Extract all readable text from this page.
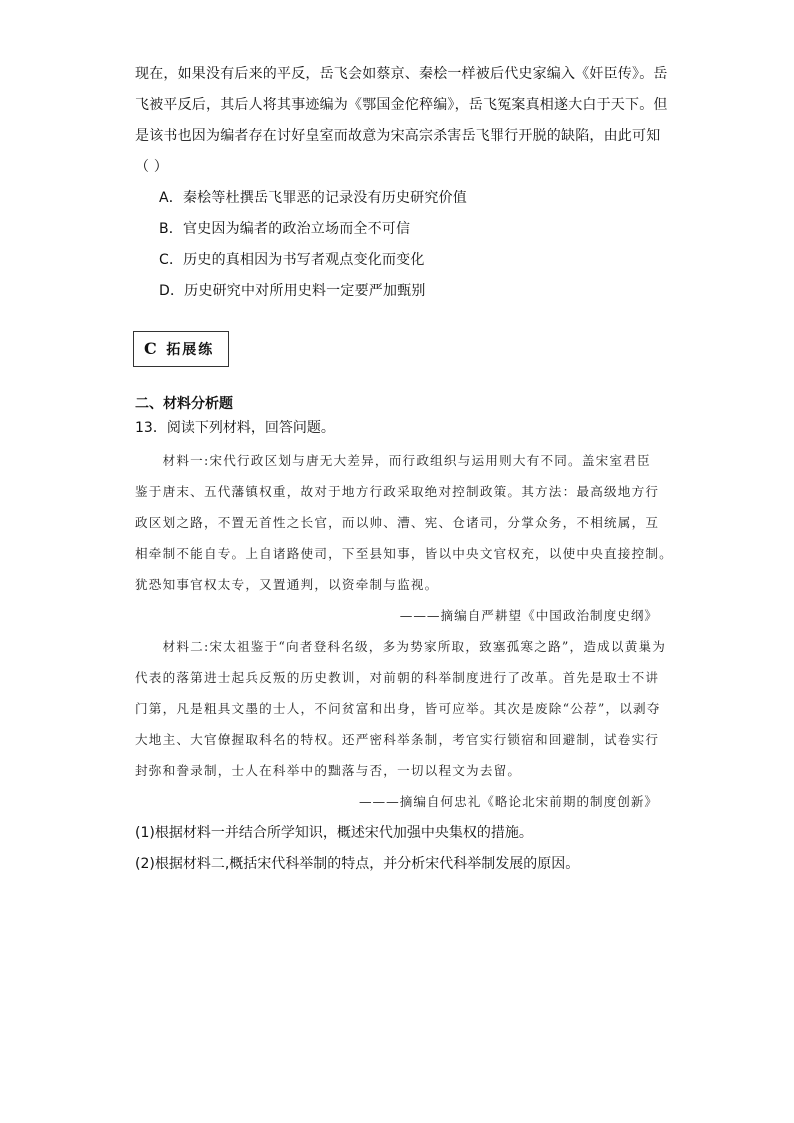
现在，如果没有后来的平反，岳飞会如蔡京、秦桧一样被后代史家编入《奸臣传》。岳
飞被平反后，其后人将其事迹编为《鄂国金佗稡编》，岳飞冤案真相遂大白于天下。但
是该书也因为编者存在讨好皇室而故意为宋高宗杀害岳飞罪行开脱的缺陷，由此可知
（ ）
A．秦桧等杜撰岳飞罪恶的记录没有历史研究价值
B．官史因为编者的政治立场而全不可信
C．历史的真相因为书写者观点变化而变化
D．历史研究中对所用史料一定要严加甄别
C 拓展练
二、材料分析题
13．阅读下列材料，回答问题。
　　材料一:宋代行政区划与唐无大差异，而行政组织与运用则大有不同。盖宋室君臣
鉴于唐末、五代藩镇权重，故对于地方行政采取绝对控制政策。其方法：最高级地方行
政区划之路，不置无首性之长官，而以帅、漕、宪、仓诸司，分掌众务，不相统属，互
相牵制不能自专。上自诸路使司，下至县知事，皆以中央文官权充，以使中央直接控制。
犹恐知事官权太专，又置通判，以资牵制与监视。
———摘编自严耕望《中国政治制度史纲》
　　材料二:宋太祖鉴于“向者登科名级，多为势家所取，致塞孤寒之路”，造成以黄巢为
代表的落第进士起兵反叛的历史教训，对前朝的科举制度进行了改革。首先是取士不讲
门第，凡是粗具文墨的士人，不问贫富和出身，皆可应举。其次是废除“公荐”，以剥夺
大地主、大官僚握取科名的特权。还严密科举条制，考官实行锁宿和回避制，试卷实行
封弥和誊录制，士人在科举中的黜落与否，一切以程文为去留。
———摘编自何忠礼《略论北宋前期的制度创新》
(1)根据材料一并结合所学知识，概述宋代加强中央集权的措施。
(2)根据材料二,概括宋代科举制的特点，并分析宋代科举制发展的原因。
